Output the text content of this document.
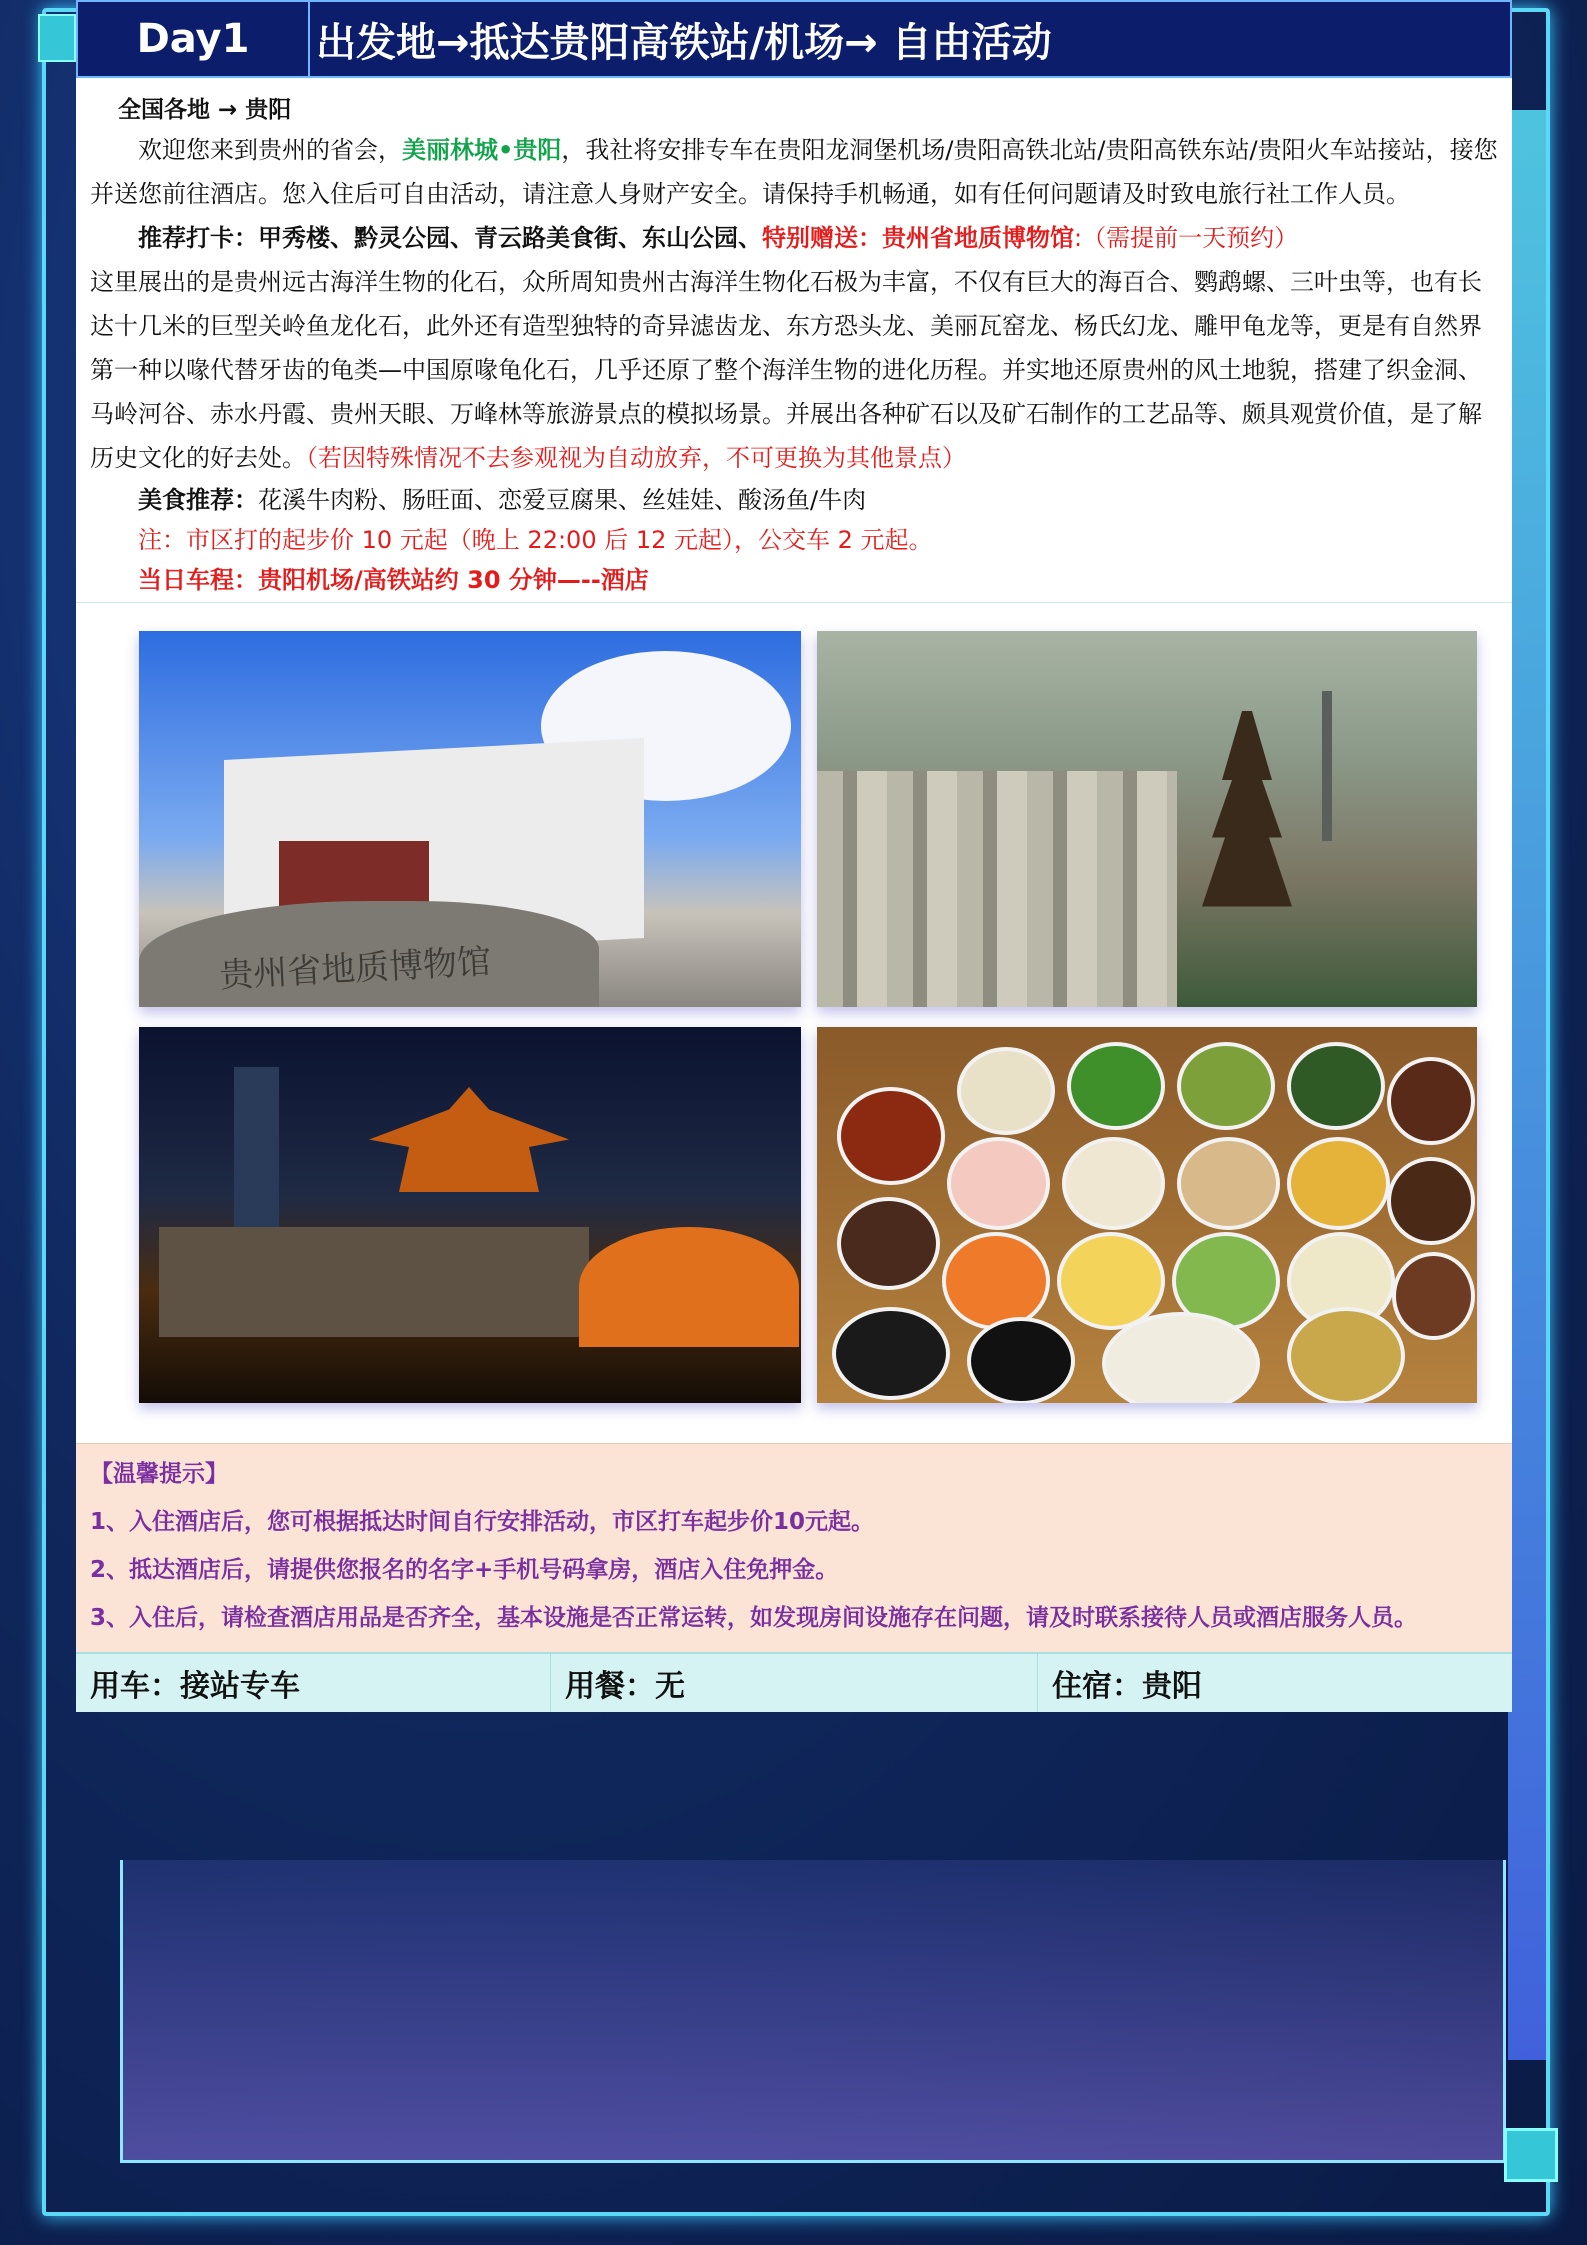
Day1	出发地→抵达贵阳高铁站/机场→ 自由活动
全国各地 → 贵阳

欢迎您来到贵州的省会，美丽林城•贵阳，我社将安排专车在贵阳龙洞堡机场/贵阳高铁北站/贵阳高铁东站/贵阳火车站接站，接您并送您前往酒店。您入住后可自由活动，请注意人身财产安全。请保持手机畅通，如有任何问题请及时致电旅行社工作人员。

推荐打卡：甲秀楼、黔灵公园、青云路美食街、东山公园、特别赠送：贵州省地质博物馆:（需提前一天预约）

这里展出的是贵州远古海洋生物的化石，众所周知贵州古海洋生物化石极为丰富，不仅有巨大的海百合、鹦鹉螺、三叶虫等，也有长达十几米的巨型关岭鱼龙化石，此外还有造型独特的奇异滤齿龙、东方恐头龙、美丽瓦窑龙、杨氏幻龙、雕甲龟龙等，更是有自然界第一种以喙代替牙齿的龟类—中国原喙龟化石，几乎还原了整个海洋生物的进化历程。并实地还原贵州的风土地貌，搭建了织金洞、马岭河谷、赤水丹霞、贵州天眼、万峰林等旅游景点的模拟场景。并展出各种矿石以及矿石制作的工艺品等、颇具观赏价值，是了解历史文化的好去处。（若因特殊情况不去参观视为自动放弃，不可更换为其他景点）

美食推荐：花溪牛肉粉、肠旺面、恋爱豆腐果、丝娃娃、酸汤鱼/牛肉

注：市区打的起步价 10 元起（晚上 22:00 后 12 元起），公交车 2 元起。

当日车程：贵阳机场/高铁站约 30 分钟—--酒店

贵州省地质博物馆

【温馨提示】

1、入住酒店后，您可根据抵达时间自行安排活动，市区打车起步价10元起。

2、抵达酒店后，请提供您报名的名字+手机号码拿房，酒店入住免押金。

3、入住后，请检查酒店用品是否齐全，基本设施是否正常运转，如发现房间设施存在问题，请及时联系接待人员或酒店服务人员。

用车：接站专车	用餐：无	住宿：贵阳
